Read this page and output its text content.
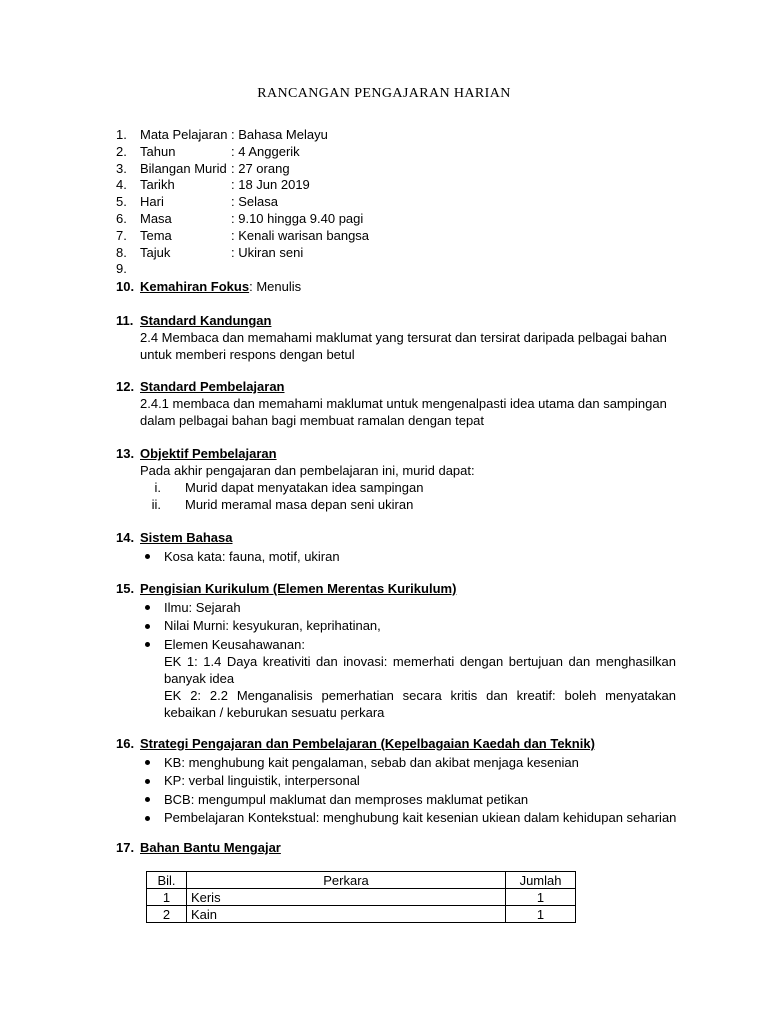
RANCANGAN PENGAJARAN HARIAN
1. Mata Pelajaran : Bahasa Melayu
2. Tahun	: 4 Anggerik
3. Bilangan Murid : 27 orang
4. Tarikh	: 18 Jun 2019
5. Hari	: Selasa
6. Masa	: 9.10 hingga 9.40 pagi
7. Tema	: Kenali warisan bangsa
8. Tajuk	: Ukiran seni
9.
10. Kemahiran Fokus: Menulis
11. Standard Kandungan
2.4 Membaca dan memahami maklumat yang tersurat dan tersirat daripada pelbagai bahan
untuk memberi respons dengan betul
12. Standard Pembelajaran
2.4.1 membaca dan memahami maklumat untuk mengenalpasti idea utama dan sampingan
dalam pelbagai bahan bagi membuat ramalan dengan tepat
13. Objektif Pembelajaran
Pada akhir pengajaran dan pembelajaran ini, murid dapat:
i.	Murid dapat menyatakan idea sampingan
ii.	Murid meramal masa depan seni ukiran
14. Sistem Bahasa
Kosa kata: fauna, motif, ukiran
15. Pengisian Kurikulum (Elemen Merentas Kurikulum)
Ilmu: Sejarah
Nilai Murni: kesyukuran, keprihatinan,
Elemen Keusahawanan:
EK 1: 1.4 Daya kreativiti dan inovasi: memerhati dengan bertujuan dan menghasilkan
banyak idea
EK 2: 2.2 Menganalisis pemerhatian secara kritis dan kreatif: boleh menyatakan
kebaikan / keburukan sesuatu perkara
16. Strategi Pengajaran dan Pembelajaran (Kepelbagaian Kaedah dan Teknik)
KB: menghubung kait pengalaman, sebab dan akibat menjaga kesenian
KP: verbal linguistik, interpersonal
BCB: mengumpul maklumat dan memproses maklumat petikan
Pembelajaran Kontekstual: menghubung kait kesenian ukiean dalam kehidupan seharian
17. Bahan Bantu Mengajar
Bil.	Perkara	Jumlah
1	Keris	1
2	Kain	1
